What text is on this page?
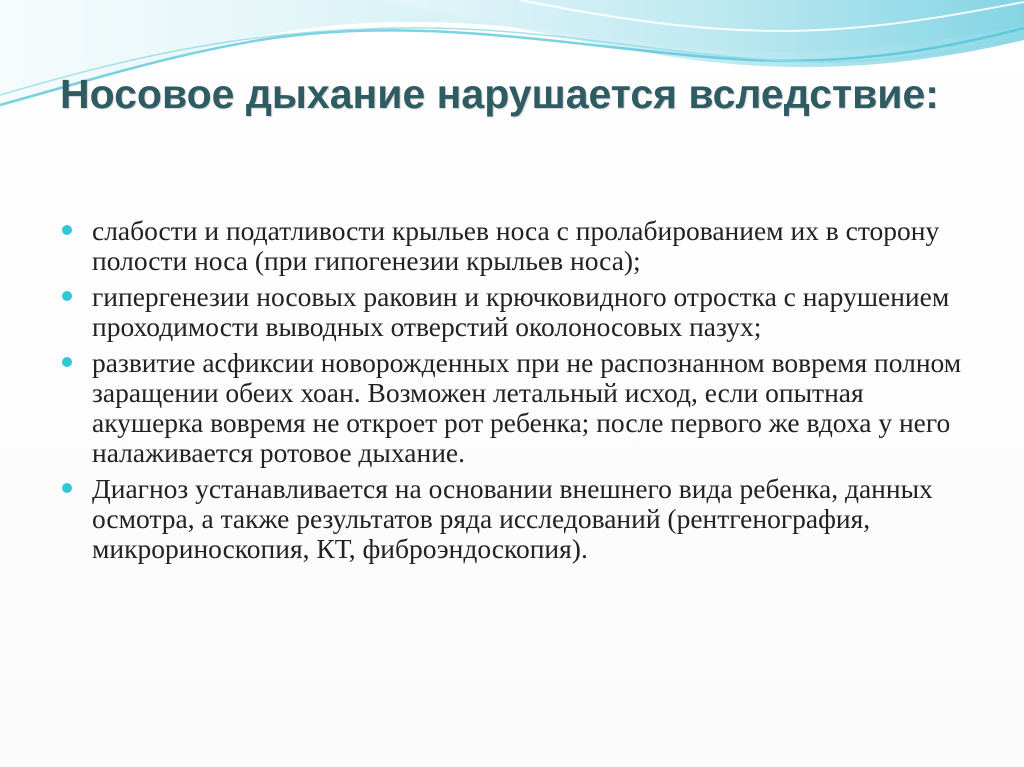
Носовое дыхание нарушается вследствие:
слабости и податливости крыльев носа с пролабированием их в сторону полости носа (при гипогенезии крыльев носа);
гипергенезии носовых раковин и крючковидного отростка с нарушением проходимости выводных отверстий околоносовых пазух;
развитие асфиксии новорожденных при не распознанном вовремя полном заращении обеих хоан. Возможен летальный исход, если опытная акушерка вовремя не откроет рот ребенка; после первого же вдоха у него налаживается ротовое дыхание.
Диагноз устанавливается на основании внешнего вида ребенка, данных осмотра, а также результатов ряда исследований (рентгенография, микрориноскопия, КТ, фиброэндоскопия).
